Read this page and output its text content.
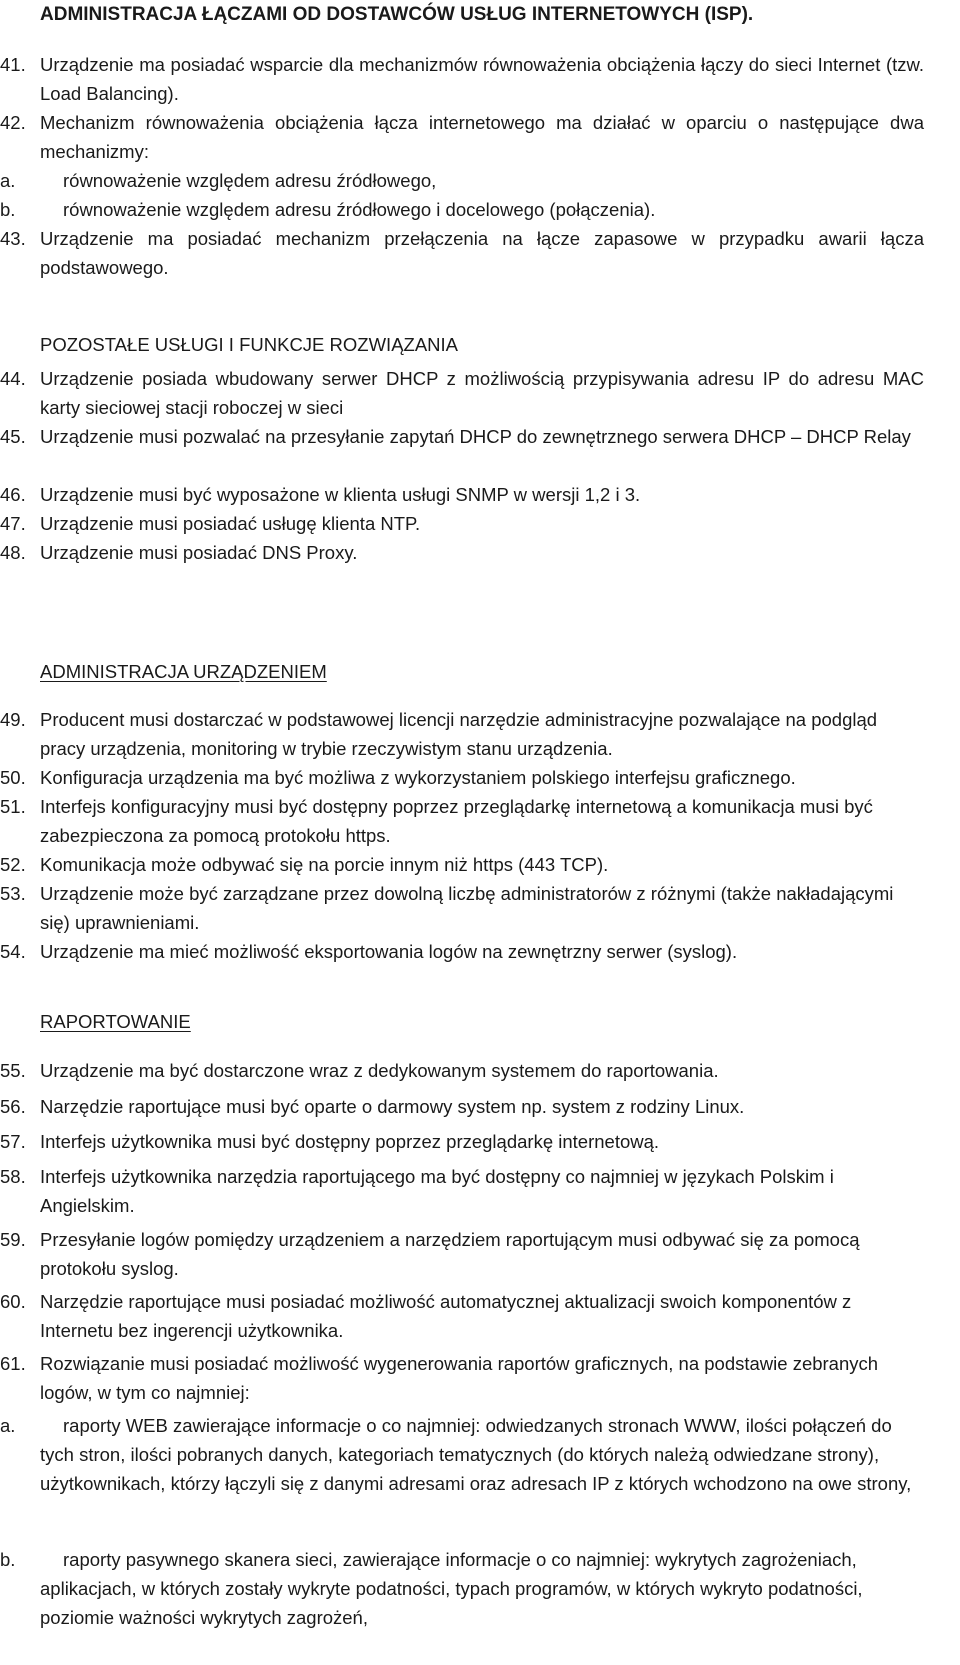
ADMINISTRACJA ŁĄCZAMI OD DOSTAWCÓW USŁUG INTERNETOWYCH (ISP).
41. Urządzenie ma posiadać wsparcie dla mechanizmów równoważenia obciążenia łączy do sieci Internet (tzw. Load Balancing).
42. Mechanizm równoważenia obciążenia łącza internetowego ma działać w oparciu o następujące dwa mechanizmy:
a.	równoważenie względem adresu źródłowego,
b.	równoważenie względem adresu źródłowego i docelowego (połączenia).
43. Urządzenie ma posiadać mechanizm przełączenia na łącze zapasowe w przypadku awarii łącza podstawowego.
POZOSTAŁE USŁUGI I FUNKCJE ROZWIĄZANIA
44. Urządzenie posiada wbudowany serwer DHCP z możliwością przypisywania adresu IP do adresu MAC karty sieciowej stacji roboczej w sieci
45. Urządzenie musi pozwalać na przesyłanie zapytań DHCP do zewnętrznego serwera DHCP – DHCP Relay
46. Urządzenie musi być wyposażone w klienta usługi SNMP w wersji 1,2 i 3.
47. Urządzenie musi posiadać usługę klienta NTP.
48. Urządzenie musi posiadać DNS Proxy.
ADMINISTRACJA URZĄDZENIEM
49. Producent musi dostarczać w podstawowej licencji narzędzie administracyjne pozwalające na podgląd pracy urządzenia, monitoring w trybie rzeczywistym stanu urządzenia.
50. Konfiguracja urządzenia ma być możliwa z wykorzystaniem polskiego interfejsu graficznego.
51. Interfejs konfiguracyjny musi być dostępny poprzez przeglądarkę internetową a komunikacja musi być zabezpieczona za pomocą protokołu https.
52. Komunikacja może odbywać się na porcie innym niż https (443 TCP).
53. Urządzenie może być zarządzane przez dowolną liczbę administratorów z różnymi (także nakładającymi się) uprawnieniami.
54. Urządzenie ma mieć możliwość eksportowania logów na zewnętrzny serwer (syslog).
RAPORTOWANIE
55. Urządzenie ma być dostarczone wraz z dedykowanym systemem do raportowania.
56. Narzędzie raportujące musi być oparte o darmowy system np. system z rodziny Linux.
57. Interfejs użytkownika musi być dostępny poprzez przeglądarkę internetową.
58. Interfejs użytkownika narzędzia raportującego ma być dostępny co najmniej w językach Polskim i Angielskim.
59. Przesyłanie logów pomiędzy urządzeniem a narzędziem raportującym musi odbywać się za pomocą protokołu syslog.
60. Narzędzie raportujące musi posiadać możliwość automatycznej aktualizacji swoich komponentów z Internetu bez ingerencji użytkownika.
61. Rozwiązanie musi posiadać możliwość wygenerowania raportów graficznych, na podstawie zebranych logów, w tym co najmniej:
a.	raporty WEB zawierające informacje o co najmniej: odwiedzanych stronach WWW, ilości połączeń do tych stron, ilości pobranych danych, kategoriach tematycznych (do których należą odwiedzane strony), użytkownikach, którzy łączyli się z danymi adresami oraz adresach IP z których wchodzono na owe strony,
b.	raporty pasywnego skanera sieci, zawierające informacje o co najmniej: wykrytych zagrożeniach, aplikacjach, w których zostały wykryte podatności, typach programów, w których wykryto podatności, poziomie ważności wykrytych zagrożeń,
